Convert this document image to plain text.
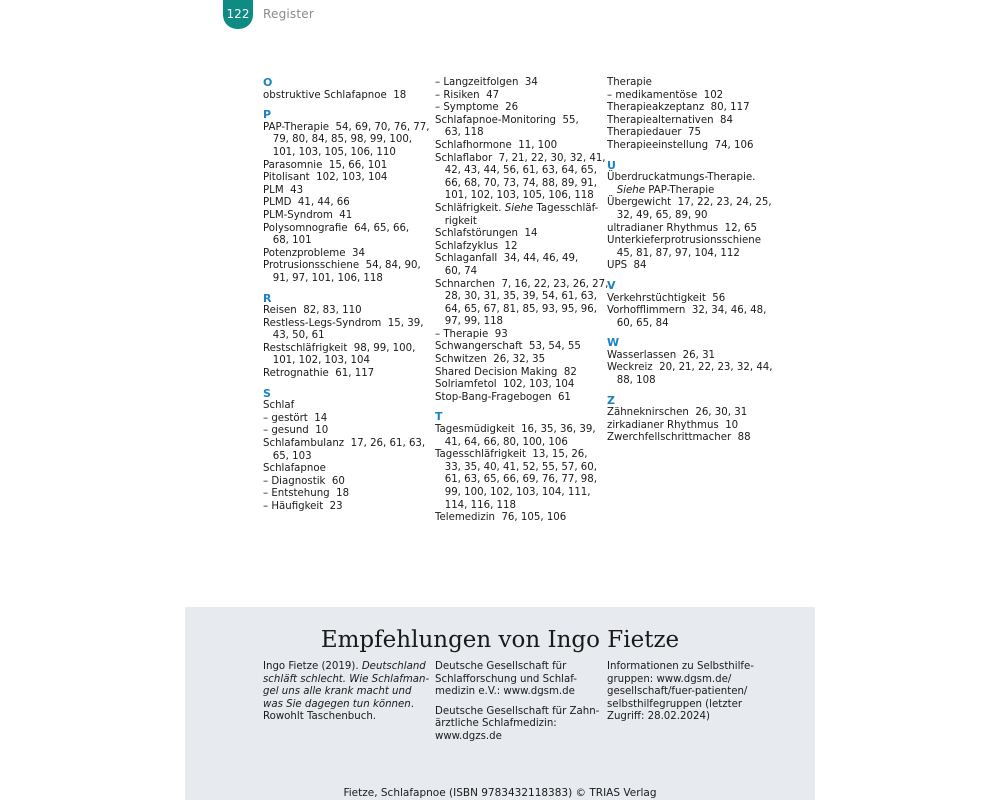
122 Register
O
obstruktive Schlafapnoe  18
P
PAP-Therapie  54, 69, 70, 76, 77,
79, 80, 84, 85, 98, 99, 100,
101, 103, 105, 106, 110
Parasomnie  15, 66, 101
Pitolisant  102, 103, 104
PLM  43
PLMD  41, 44, 66
PLM-Syndrom  41
Polysomnografie  64, 65, 66,
68, 101
Potenzprobleme  34
Protrusionsschiene  54, 84, 90,
91, 97, 101, 106, 118
R
Reisen  82, 83, 110
Restless-Legs-Syndrom  15, 39,
43, 50, 61
Restschläfrigkeit  98, 99, 100,
101, 102, 103, 104
Retrognathie  61, 117
S
Schlaf
– gestört  14
– gesund  10
Schlafambulanz  17, 26, 61, 63,
65, 103
Schlafapnoe
– Diagnostik  60
– Entstehung  18
– Häufigkeit  23
– Langzeitfolgen  34
– Risiken  47
– Symptome  26
Schlafapnoe-Monitoring  55,
63, 118
Schlafhormone  11, 100
Schlaflabor  7, 21, 22, 30, 32, 41,
42, 43, 44, 56, 61, 63, 64, 65,
66, 68, 70, 73, 74, 88, 89, 91,
101, 102, 103, 105, 106, 118
Schläfrigkeit. Siehe Tagesschläf-
rigkeit
Schlafstörungen  14
Schlafzyklus  12
Schlaganfall  34, 44, 46, 49,
60, 74
Schnarchen  7, 16, 22, 23, 26, 27,
28, 30, 31, 35, 39, 54, 61, 63,
64, 65, 67, 81, 85, 93, 95, 96,
97, 99, 118
– Therapie  93
Schwangerschaft  53, 54, 55
Schwitzen  26, 32, 35
Shared Decision Making  82
Solriamfetol  102, 103, 104
Stop-Bang-Fragebogen  61
T
Tagesmüdigkeit  16, 35, 36, 39,
41, 64, 66, 80, 100, 106
Tagesschläfrigkeit  13, 15, 26,
33, 35, 40, 41, 52, 55, 57, 60,
61, 63, 65, 66, 69, 76, 77, 98,
99, 100, 102, 103, 104, 111,
114, 116, 118
Telemedizin  76, 105, 106
Therapie
– medikamentöse  102
Therapieakzeptanz  80, 117
Therapiealternativen  84
Therapiedauer  75
Therapieeinstellung  74, 106
U
Überdruckatmungs-Therapie.
Siehe PAP-Therapie
Übergewicht  17, 22, 23, 24, 25,
32, 49, 65, 89, 90
ultradianer Rhythmus  12, 65
Unterkieferprotrusionsschiene
45, 81, 87, 97, 104, 112
UPS  84
V
Verkehrstüchtigkeit  56
Vorhofflimmern  32, 34, 46, 48,
60, 65, 84
W
Wasserlassen  26, 31
Weckreiz  20, 21, 22, 23, 32, 44,
88, 108
Z
Zähneknirschen  26, 30, 31
zirkadianer Rhythmus  10
Zwerchfellschrittmacher  88
Empfehlungen von Ingo Fietze
Ingo Fietze (2019). Deutschland
schläft schlecht. Wie Schlafman-
gel uns alle krank macht und
was Sie dagegen tun können.
Rowohlt Taschenbuch.
Deutsche Gesellschaft für
Schlafforschung und Schlaf-
medizin e.V.: www.dgsm.de
Deutsche Gesellschaft für Zahn-
ärztliche Schlafmedizin:
www.dgzs.de
Informationen zu Selbsthilfe-
gruppen: www.dgsm.de/
gesellschaft/fuer-patienten/
selbsthilfegruppen (letzter
Zugriff: 28.02.2024)
Fietze, Schlafapnoe (ISBN 9783432118383) © TRIAS Verlag
